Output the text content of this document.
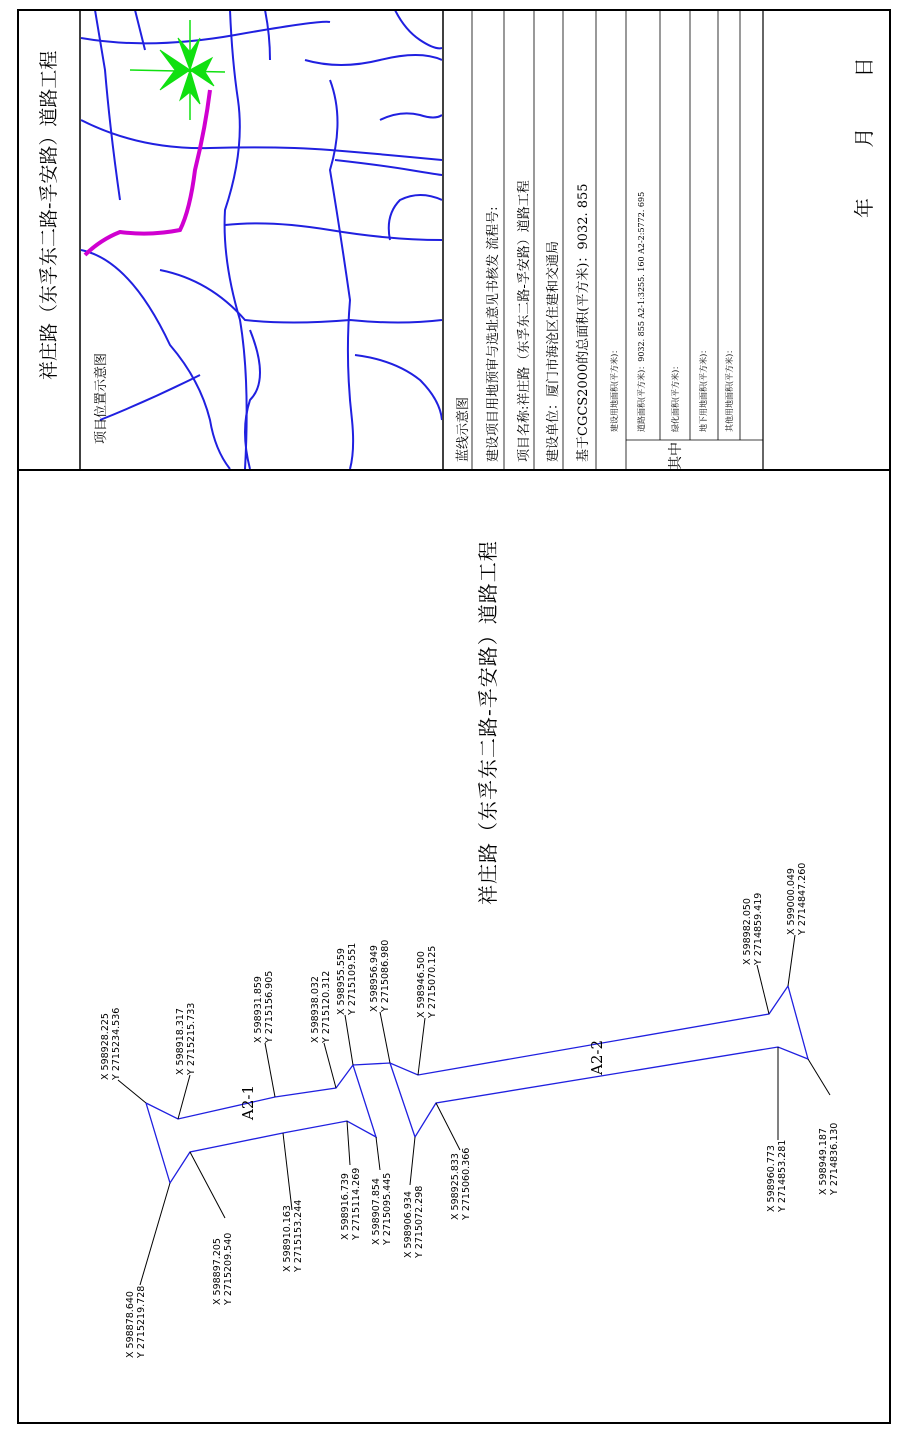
祥庄路（东孚东二路-孚安路）道路工程	年 月 日
项目位置示意图	蓝线示意图	建设项目用地预审与选址意见书核发 流程号:	项目名称:祥庄路（东孚东二路-孚安路）道路工程	建设单位：厦门市海沧区住建和交通局	基于CGCS2000的总面积(平方米)：9032. 855 建设用地面积(平方米)： 道路面积(平方米)：9032. 855 A2-1:3255. 160 A2-2:5772. 695	绿化面积(平方米)： 地下用地面积(平方米)： 其他用地面积(平方米)：
其中
祥庄路（东孚东二路-孚安路）道路工程
A2-1
A2-2
X 598928.225 Y 2715234.536	X 598918.317 Y 2715215.733	X 598931.859 Y 2715156.905	X 598938.032 Y 2715120.312 X 598955.559 Y 2715109.551 X 598956.949 Y 2715086.980	X 598946.500 Y 2715070.125
X 598982.050 Y 2714859.419 X 599000.049 Y 2714847.260
X 598878.640 Y 2715219.728
X 598897.205 Y 2715209.540	X 598910.163 Y 2715153.244	X 598916.739 Y 2715114.269 X 598907.854 Y 2715095.445 X 598906.934 Y 2715072.298	X 598925.833 Y 2715060.366	X 598960.773 Y 2714853.281	X 598949.187 Y 2714836.130
